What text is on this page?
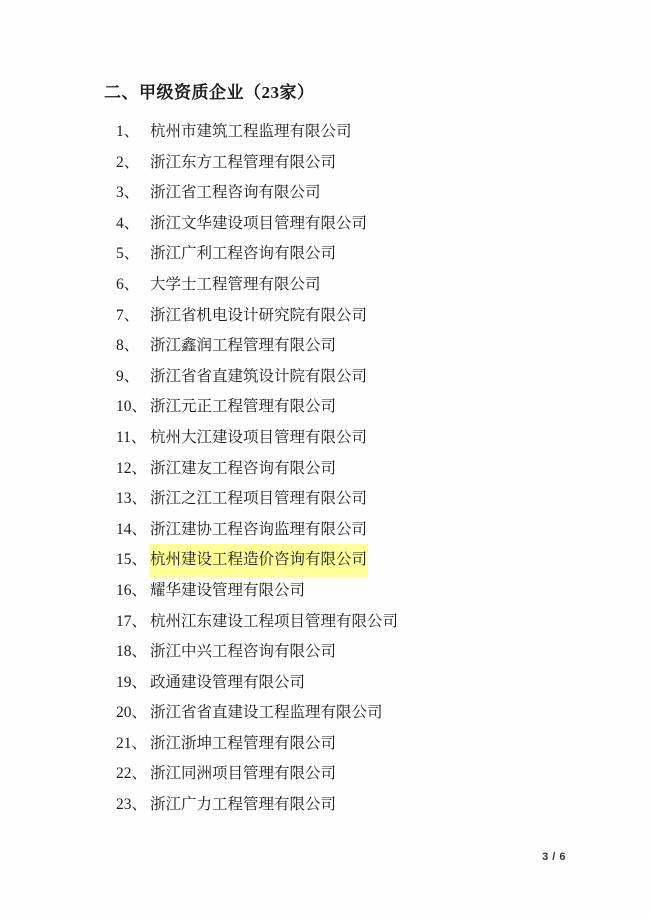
二、甲级资质企业（23家）
1、 杭州市建筑工程监理有限公司
2、 浙江东方工程管理有限公司
3、 浙江省工程咨询有限公司
4、 浙江文华建设项目管理有限公司
5、 浙江广利工程咨询有限公司
6、 大学士工程管理有限公司
7、 浙江省机电设计研究院有限公司
8、 浙江鑫润工程管理有限公司
9、 浙江省省直建筑设计院有限公司
10、 浙江元正工程管理有限公司
11、 杭州大江建设项目管理有限公司
12、 浙江建友工程咨询有限公司
13、 浙江之江工程项目管理有限公司
14、 浙江建协工程咨询监理有限公司
15、 杭州建设工程造价咨询有限公司
16、 耀华建设管理有限公司
17、 杭州江东建设工程项目管理有限公司
18、 浙江中兴工程咨询有限公司
19、 政通建设管理有限公司
20、 浙江省省直建设工程监理有限公司
21、 浙江浙坤工程管理有限公司
22、 浙江同洲项目管理有限公司
23、 浙江广力工程管理有限公司
3 / 6
